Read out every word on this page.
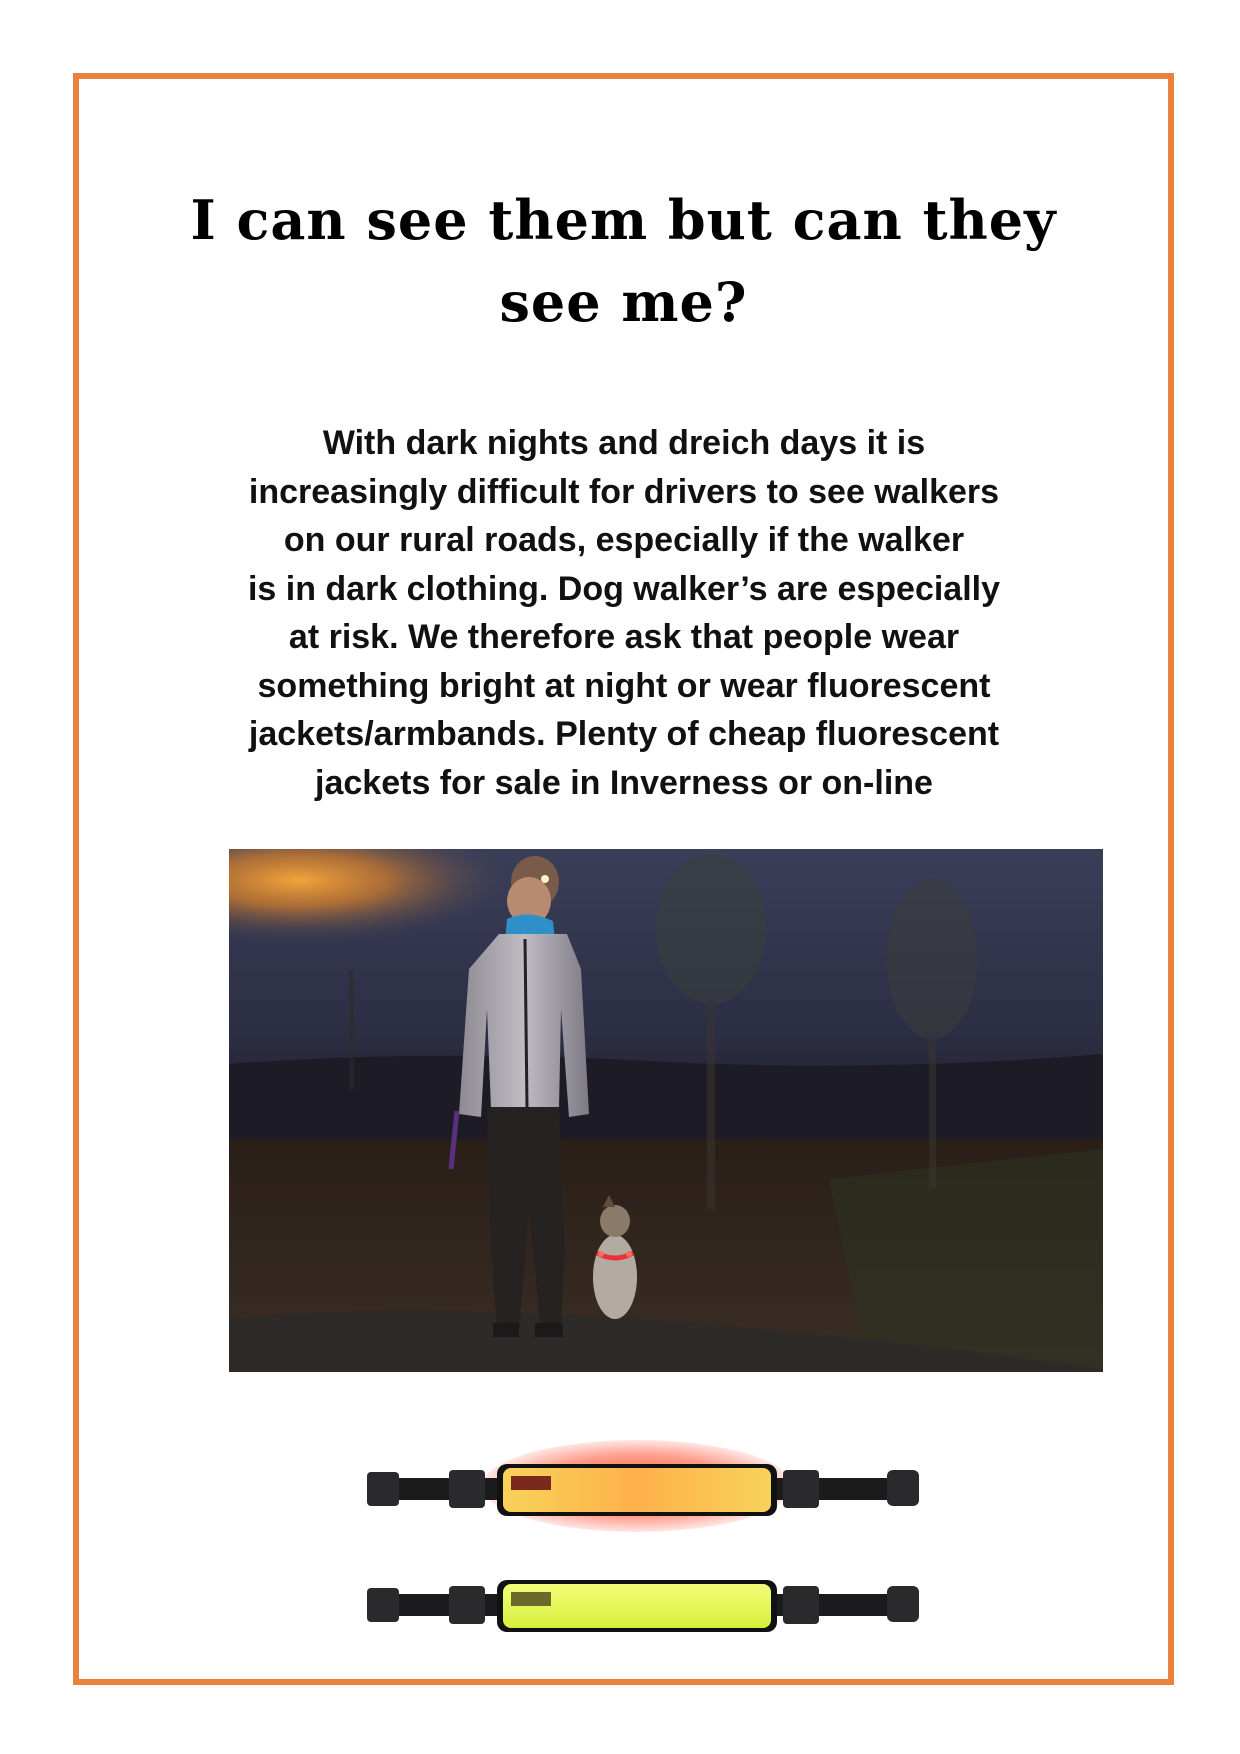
I can see them but can they
see me?
With dark nights and dreich days it is
increasingly difficult for drivers to see walkers
on our rural roads, especially if the walker
is in dark clothing. Dog walker’s are especially
at risk. We therefore ask that people wear
something bright at night or wear fluorescent
jackets/armbands. Plenty of cheap fluorescent
jackets for sale in Inverness or on-line
